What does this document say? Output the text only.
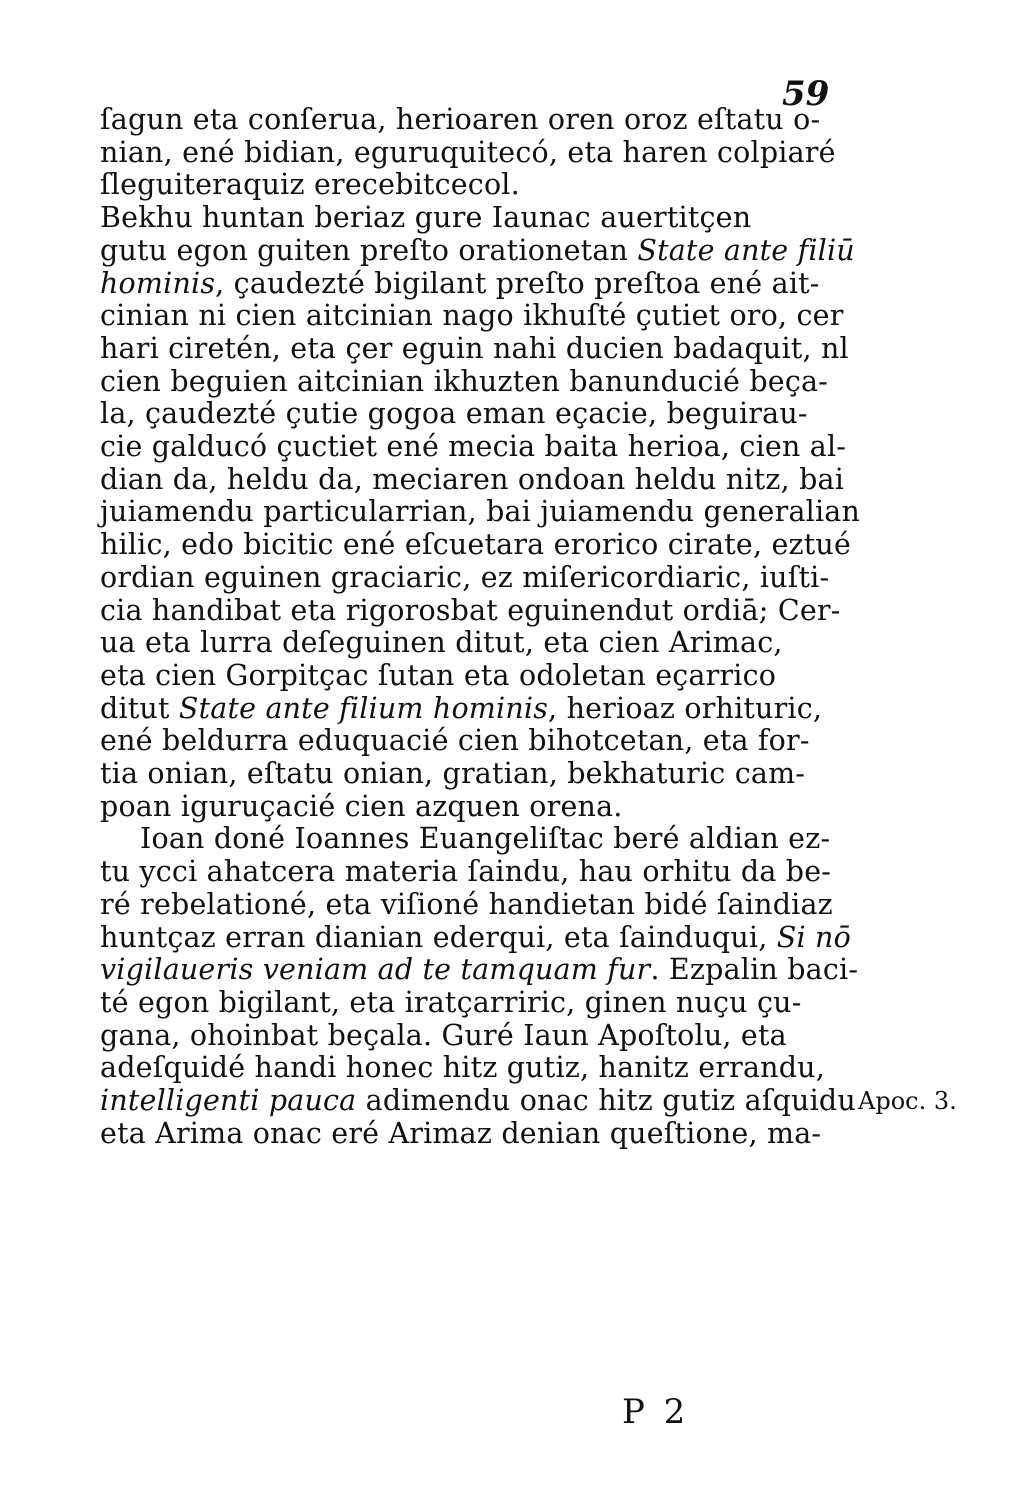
59
ſagun eta conſerua, herioaren oren oroz eſtatu o-
nian, ené bidian, eguruquitecó, eta haren colpiaré
ſleguiteraquiz erecebitcecol.
Bekhu huntan beriaz gure Iaunac auertitçen
gutu egon guiten preſto orationetan State ante filiū
hominis, çaudezté bigilant preſto preſtoa ené ait-
cinian ni cien aitcinian nago ikhuſté çutiet oro, cer
hari ciretén, eta çer eguin nahi ducien badaquit, nl
cien beguien aitcinian ikhuzten banunducié beça-
la, çaudezté çutie gogoa eman eçacie, beguirau-
cie galducó çuctiet ené mecia baita herioa, cien al-
dian da, heldu da, meciaren ondoan heldu nitz, bai
juiamendu particularrian, bai juiamendu generalian
hilic, edo bicitic ené eſcuetara erorico cirate, eztué
ordian eguinen graciaric, ez miſericordiaric, iuſti-
cia handibat eta rigorosbat eguinendut ordiā; Cer-
ua eta lurra deſeguinen ditut, eta cien Arimac,
eta cien Gorpitçac ſutan eta odoletan eçarrico
ditut State ante filium hominis, herioaz orhituric,
ené beldurra eduquacié cien bihotcetan, eta for-
tia onian, eſtatu onian, gratian, bekhaturic cam-
poan iguruçacié cien azquen orena.
Ioan doné Ioannes Euangeliſtac beré aldian ez-
tu ycci ahatcera materia ſaindu, hau orhitu da be-
ré rebelationé, eta viſioné handietan bidé ſaindiaz
huntçaz erran dianian ederqui, eta ſainduqui, Si nō
vigilaueris veniam ad te tamquam fur. Ezpalin baci-
té egon bigilant, eta iratçarriric, ginen nuçu çu-
gana, ohoinbat beçala. Guré Iaun Apoſtolu, eta
adeſquidé handi honec hitz gutiz, hanitz errandu,
intelligenti pauca adimendu onac hitz gutiz aſquidu
eta Arima onac eré Arimaz denian queſtione, ma-
Apoc. 3.
P 2
